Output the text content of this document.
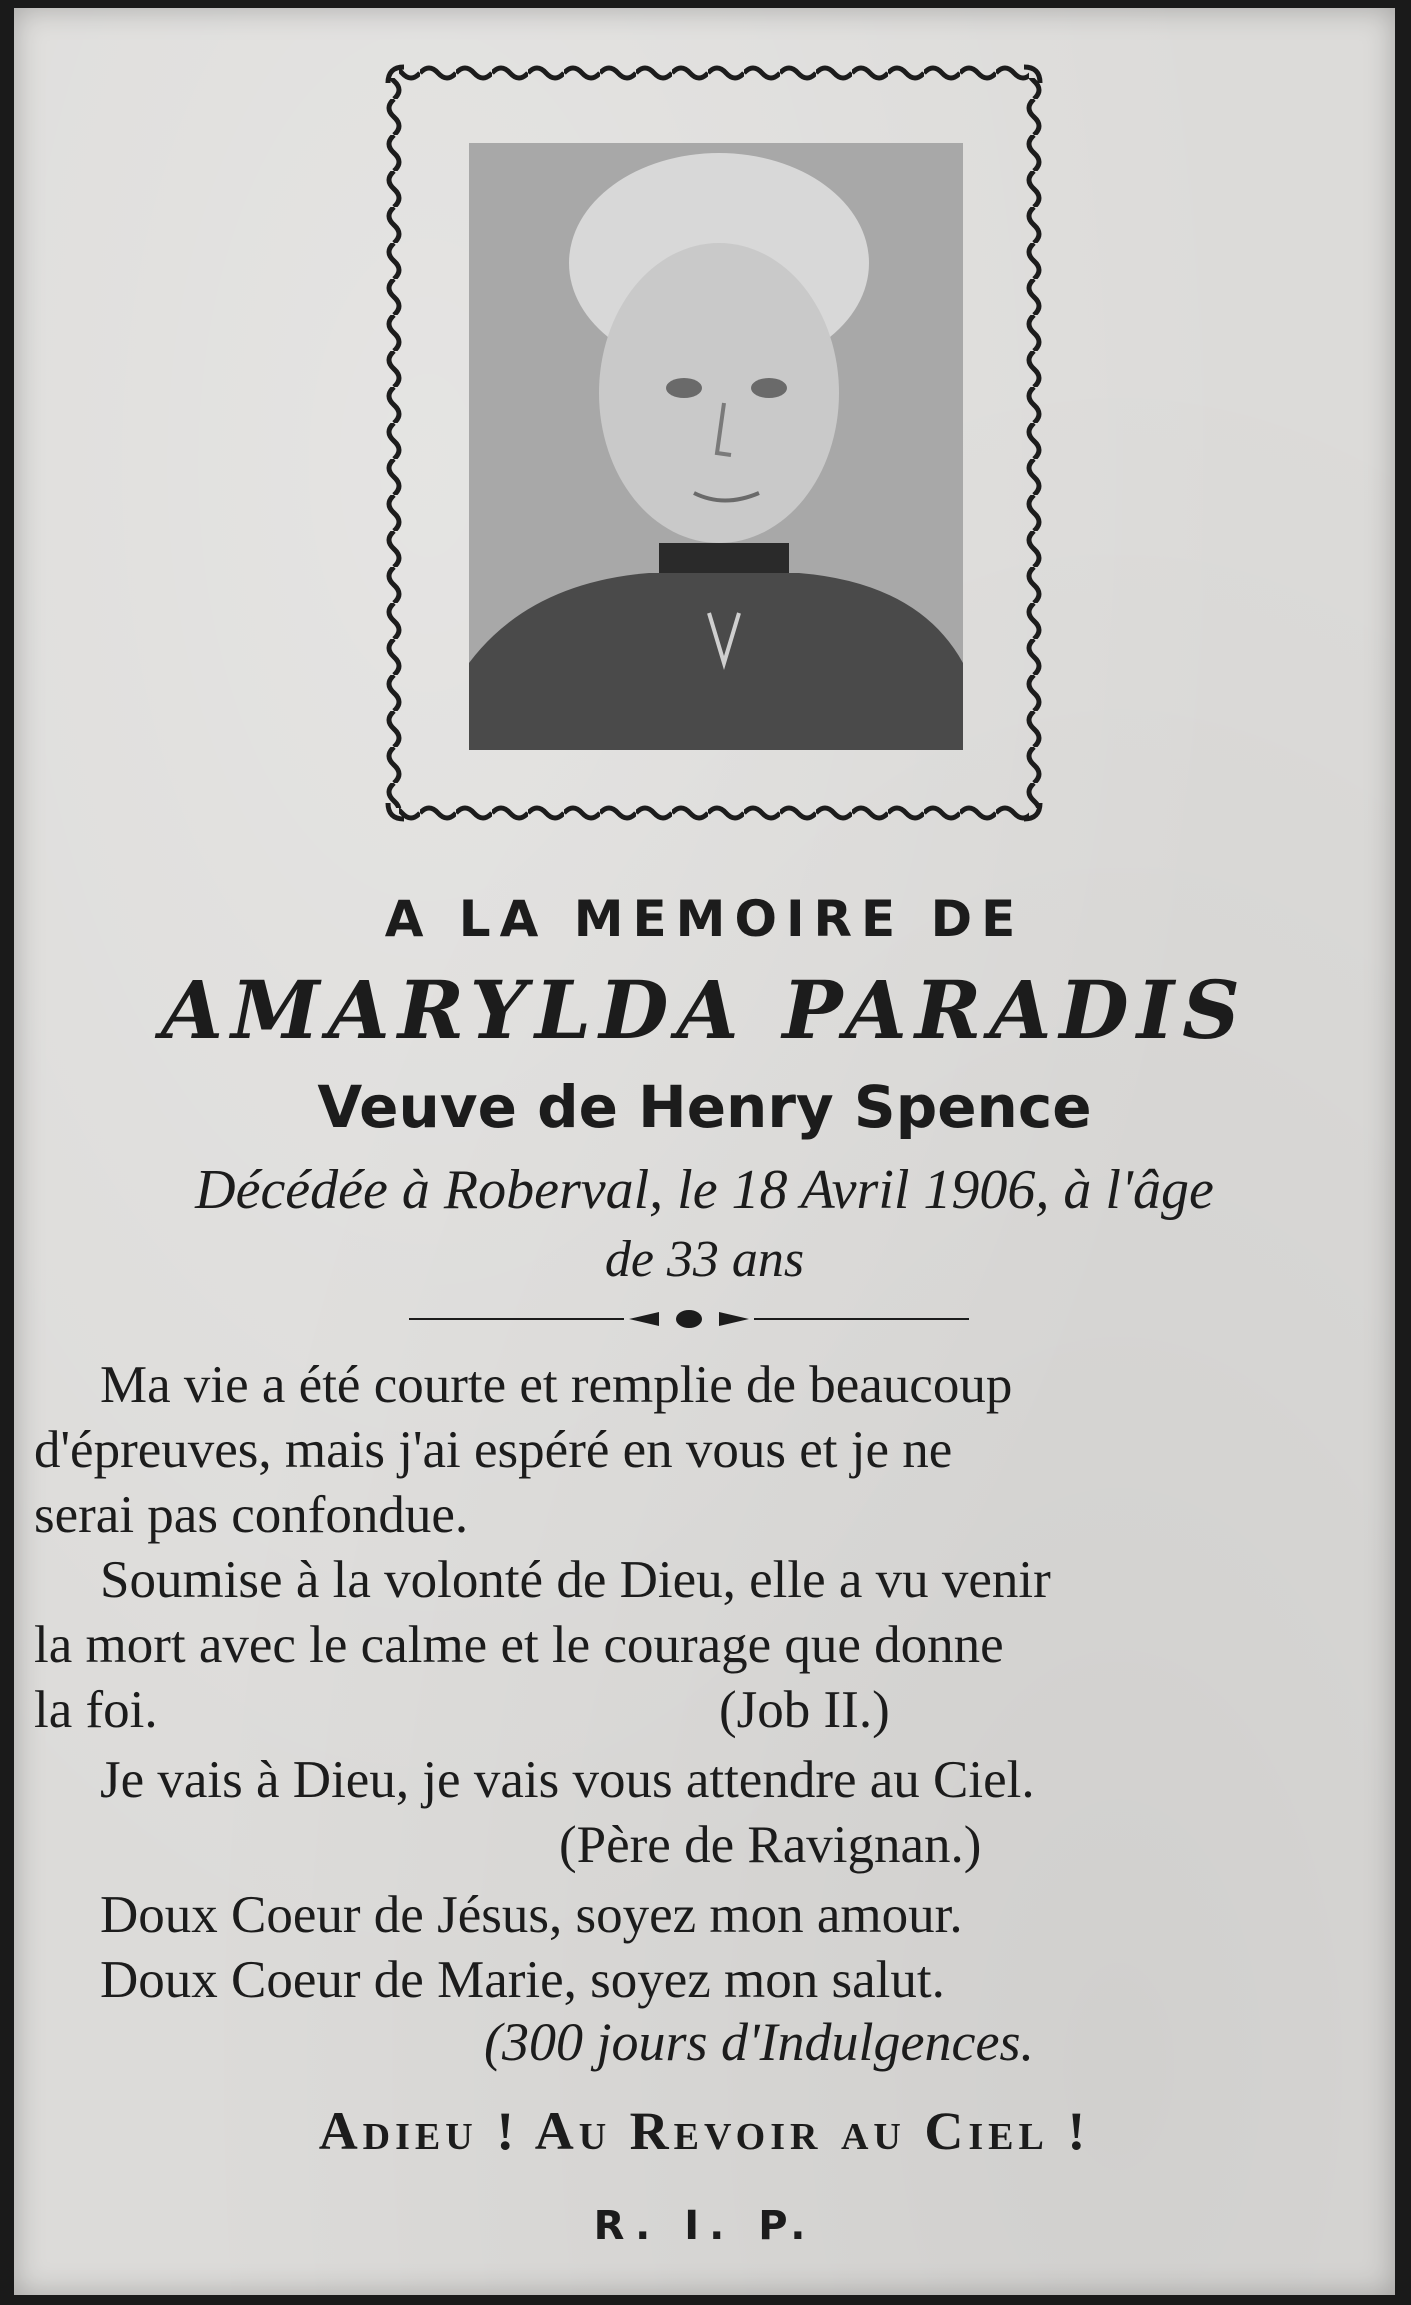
A LA MEMOIRE DE
AMARYLDA PARADIS
Veuve de Henry Spence
Décédée à Roberval, le 18 Avril 1906, à l'âge
de 33 ans
Ma vie a été courte et remplie de beaucoup
d'épreuves, mais j'ai espéré en vous et je ne
serai pas confondue.
Soumise à la volonté de Dieu, elle a vu venir
la mort avec le calme et le courage que donne
la foi.	(Job II.)
Je vais à Dieu, je vais vous attendre au Ciel.
(Père de Ravignan.)
Doux Coeur de Jésus, soyez mon amour.
Doux Coeur de Marie, soyez mon salut.
(300 jours d'Indulgences.
Adieu ! Au Revoir au Ciel !
R. I. P.
